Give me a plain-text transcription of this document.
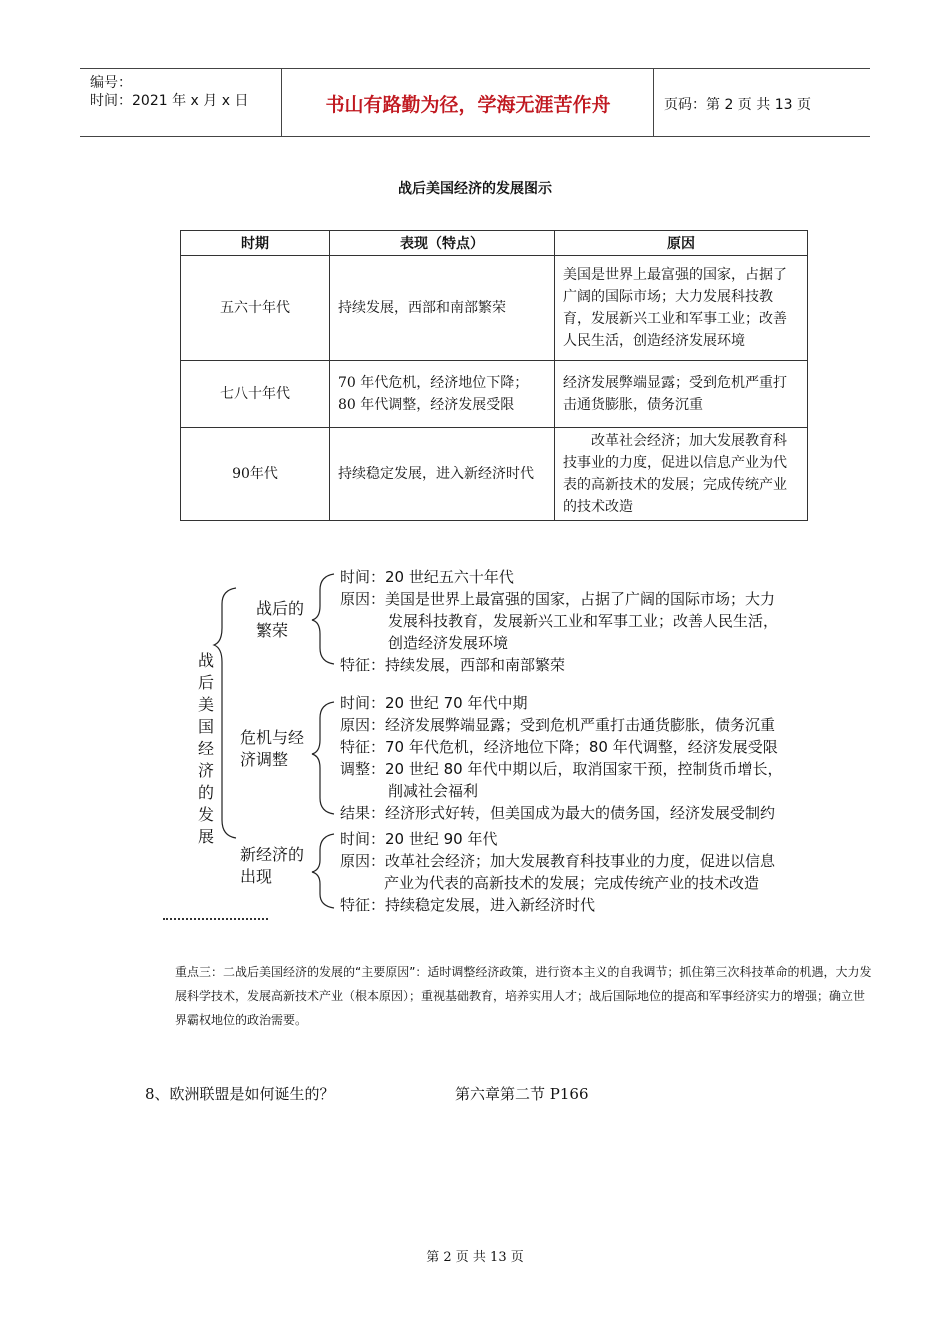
编号：
时间：2021 年 x 月 x 日	书山有路勤为径，学海无涯苦作舟	页码：第 2 页 共 13 页
战后美国经济的发展图示
时期	表现（特点）	原因
五六十年代	持续发展，西部和南部繁荣	美国是世界上最富强的国家，占据了广阔的国际市场；大力发展科技教育，发展新兴工业和军事工业；改善人民生活，创造经济发展环境
七八十年代	70 年代危机，经济地位下降；80 年代调整，经济发展受限	经济发展弊端显露；受到危机严重打击通货膨胀，债务沉重
90年代	持续稳定发展，进入新经济时代	改革社会经济；加大发展教育科技事业的力度，促进以信息产业为代表的高新技术的发展；完成传统产业的技术改造
战后美国经济的发展
战后的
繁荣
时间：20 世纪五六十年代
原因：美国是世界上最富强的国家，占据了广阔的国际市场；大力
发展科技教育，发展新兴工业和军事工业；改善人民生活，
创造经济发展环境
特征：持续发展，西部和南部繁荣
危机与经
济调整
时间：20 世纪 70 年代中期
原因：经济发展弊端显露；受到危机严重打击通货膨胀，债务沉重
特征：70 年代危机，经济地位下降；80 年代调整，经济发展受限
调整：20 世纪 80 年代中期以后，取消国家干预，控制货币增长，
削减社会福利
结果：经济形式好转，但美国成为最大的债务国，经济发展受制约
新经济的
出现
时间：20 世纪 90 年代
原因：改革社会经济；加大发展教育科技事业的力度，促进以信息
产业为代表的高新技术的发展；完成传统产业的技术改造
特征：持续稳定发展，进入新经济时代
重点三：二战后美国经济的发展的“主要原因”：适时调整经济政策，进行资本主义的自我调节；抓住第三次科技革命的机遇，大力发展科学技术，发展高新技术产业（根本原因）；重视基础教育，培养实用人才；战后国际地位的提高和军事经济实力的增强；确立世界霸权地位的政治需要。
8、欧洲联盟是如何诞生的？	第六章第二节 P166
第 2 页 共 13 页
